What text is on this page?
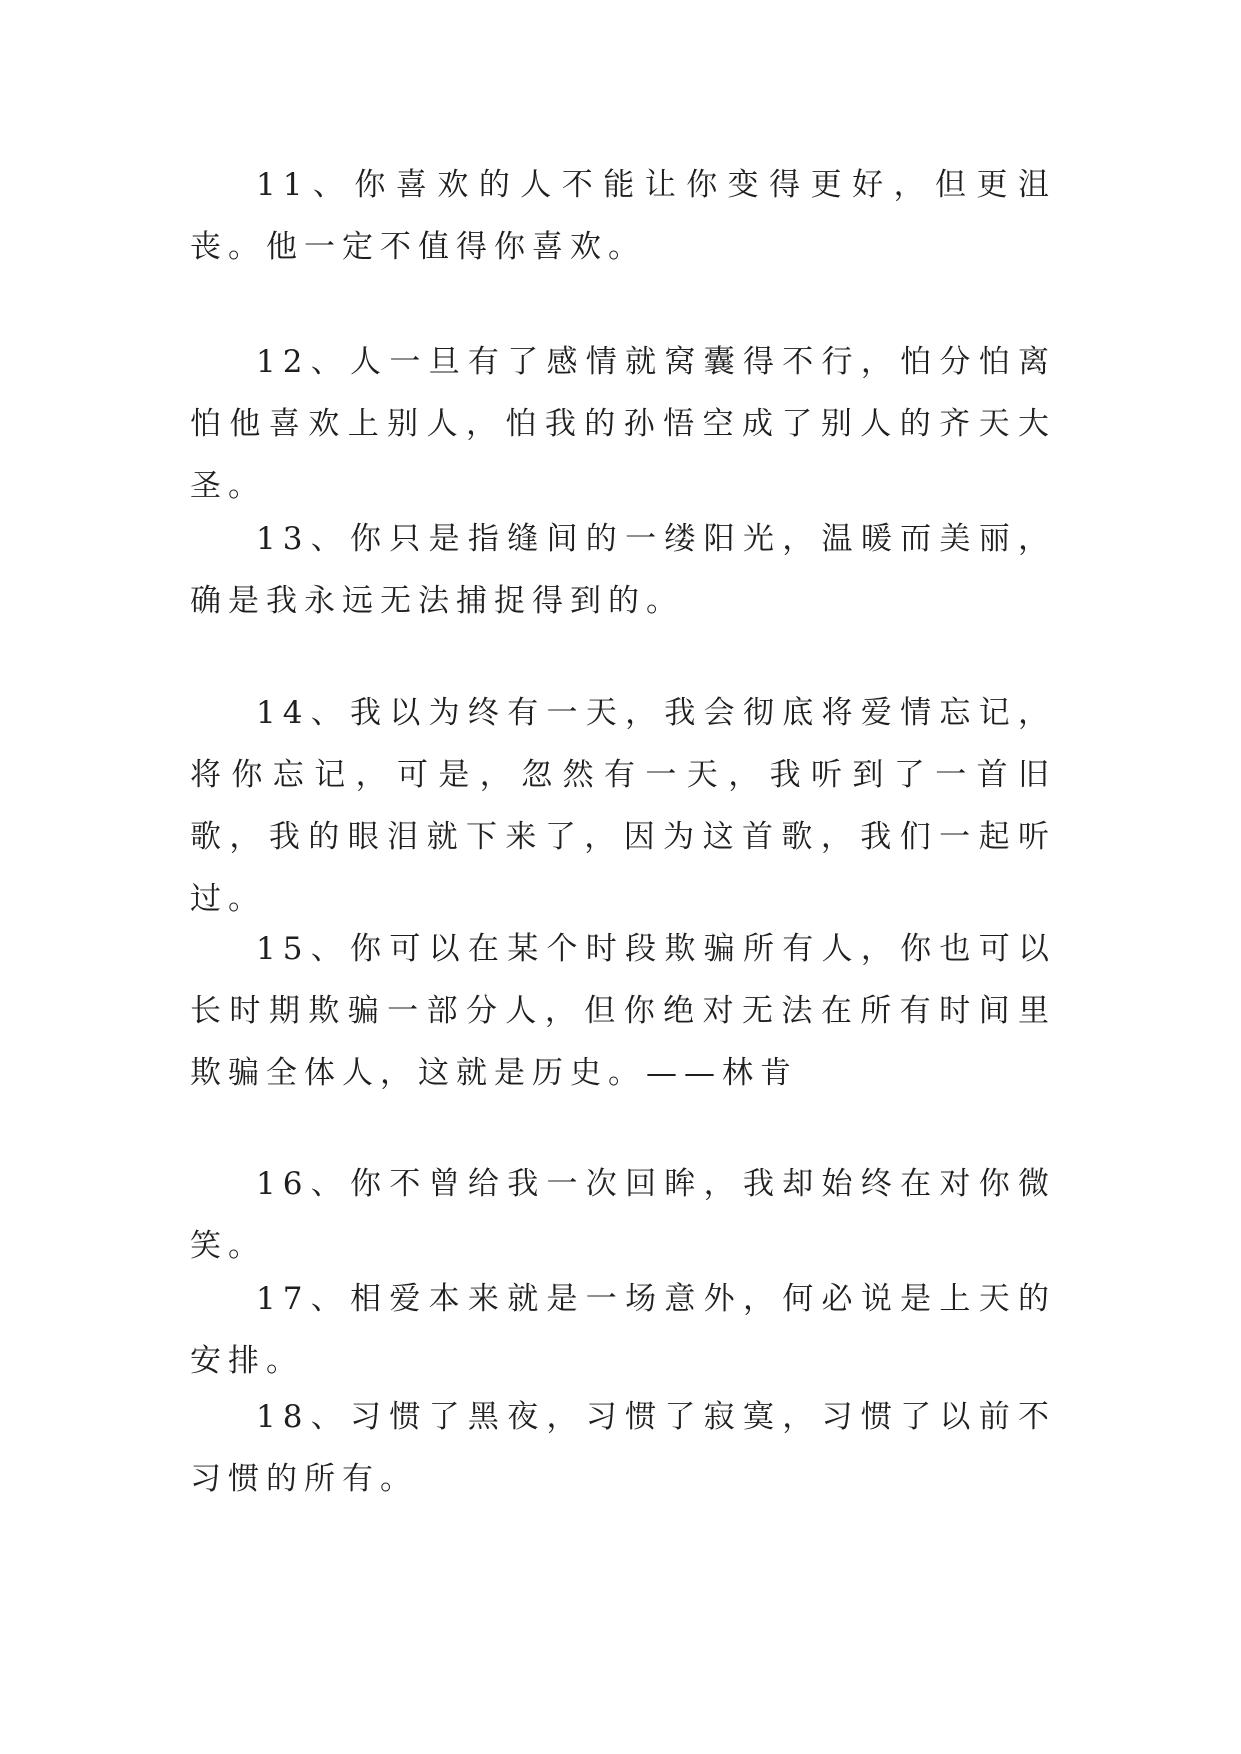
11、你喜欢的人不能让你变得更好，但更沮丧。他一定不值得你喜欢。

12、人一旦有了感情就窝囊得不行，怕分怕离怕他喜欢上别人，怕我的孙悟空成了别人的齐天大圣。

13、你只是指缝间的一缕阳光，温暖而美丽，确是我永远无法捕捉得到的。

14、我以为终有一天，我会彻底将爱情忘记，将你忘记，可是，忽然有一天，我听到了一首旧歌，我的眼泪就下来了，因为这首歌，我们一起听过。

15、你可以在某个时段欺骗所有人，你也可以长时期欺骗一部分人，但你绝对无法在所有时间里欺骗全体人，这就是历史。——林肯

16、你不曾给我一次回眸，我却始终在对你微笑。

17、相爱本来就是一场意外，何必说是上天的安排。

18、习惯了黑夜，习惯了寂寞，习惯了以前不习惯的所有。
